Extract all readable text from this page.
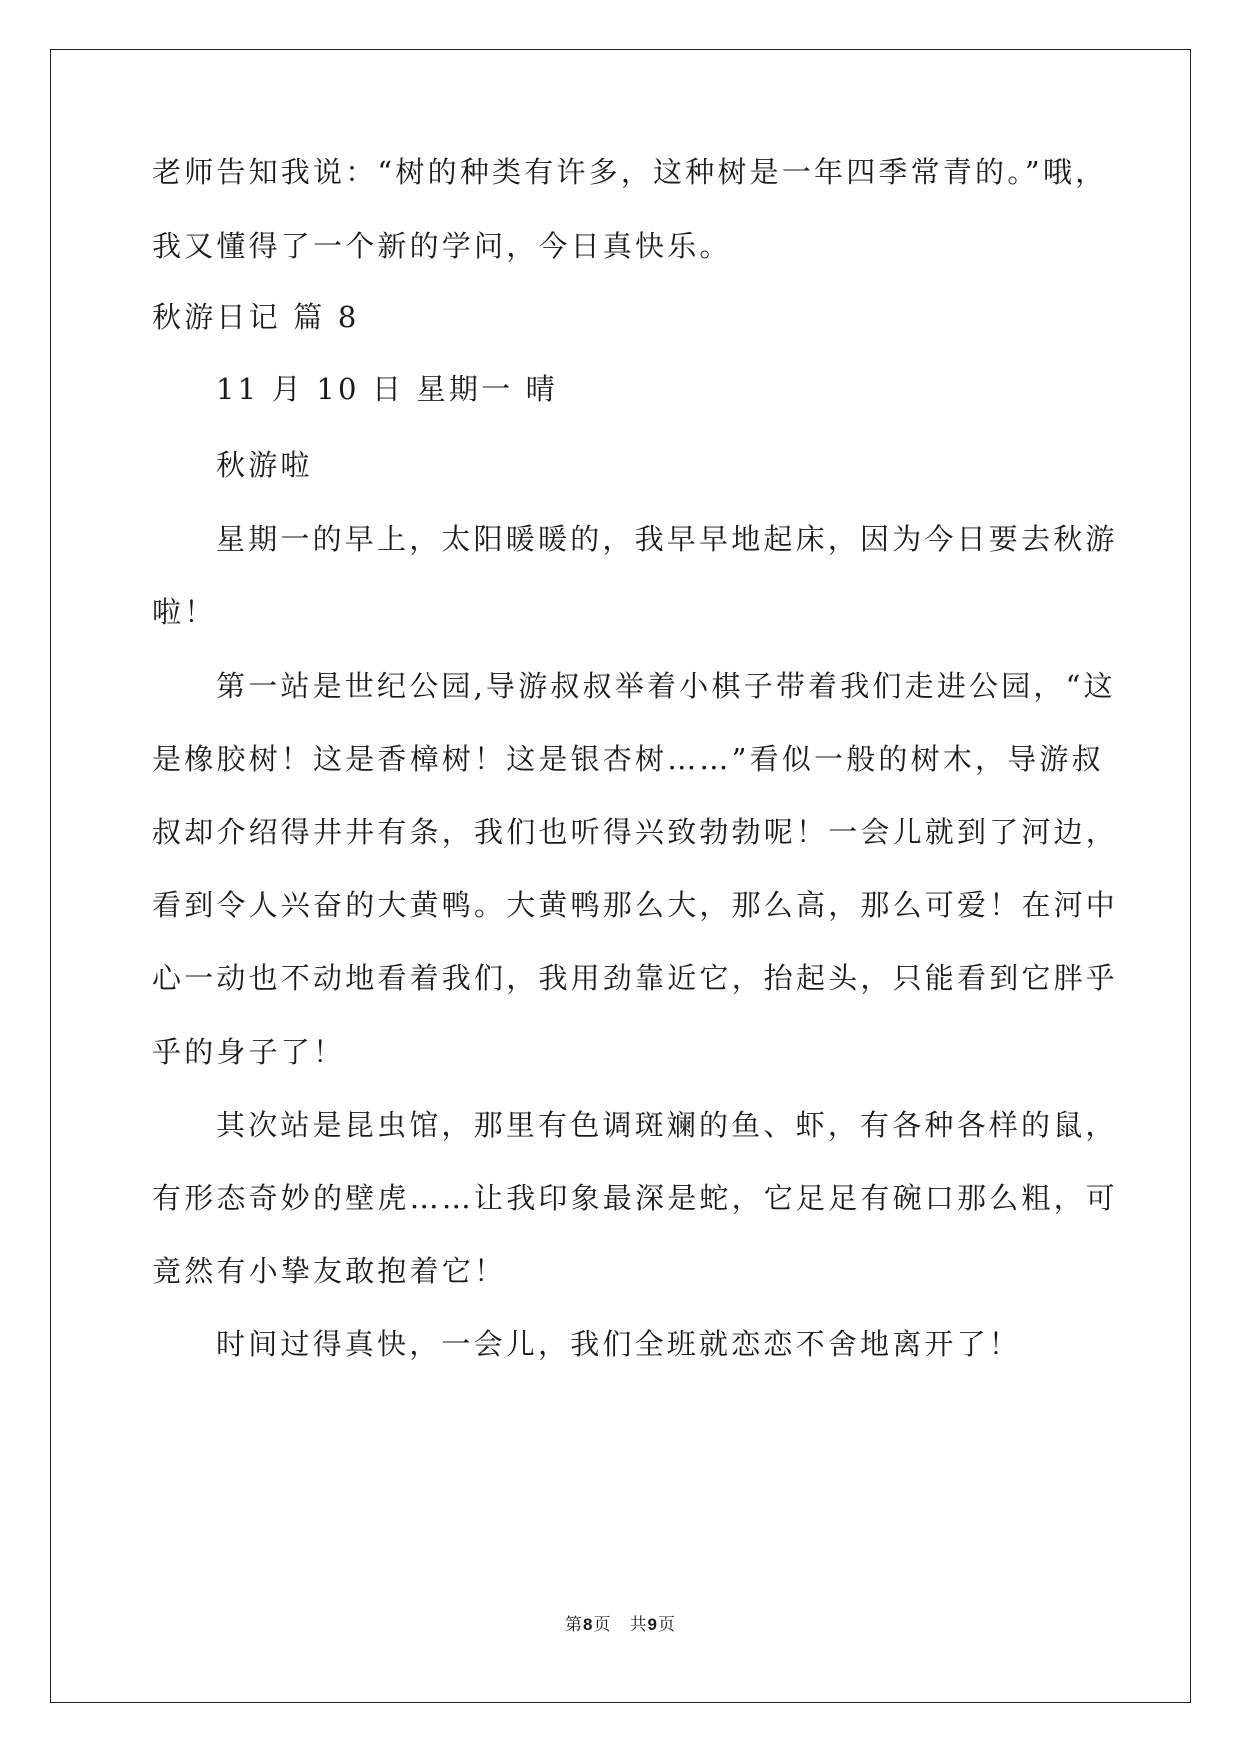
老师告知我说：“树的种类有许多，这种树是一年四季常青的。”哦，
我又懂得了一个新的学问，今日真快乐。
秋游日记 篇 8
11 月 10 日 星期一 晴
秋游啦
星期一的早上，太阳暖暖的，我早早地起床，因为今日要去秋游
啦！
第一站是世纪公园,导游叔叔举着小棋子带着我们走进公园，“这
是橡胶树！这是香樟树！这是银杏树……”看似一般的树木，导游叔
叔却介绍得井井有条，我们也听得兴致勃勃呢！一会儿就到了河边，
看到令人兴奋的大黄鸭。大黄鸭那么大，那么高，那么可爱！在河中
心一动也不动地看着我们，我用劲靠近它，抬起头，只能看到它胖乎
乎的身子了！
其次站是昆虫馆，那里有色调斑斓的鱼、虾，有各种各样的鼠，
有形态奇妙的壁虎……让我印象最深是蛇，它足足有碗口那么粗，可
竟然有小挚友敢抱着它！
时间过得真快，一会儿，我们全班就恋恋不舍地离开了！
第8页　共9页
